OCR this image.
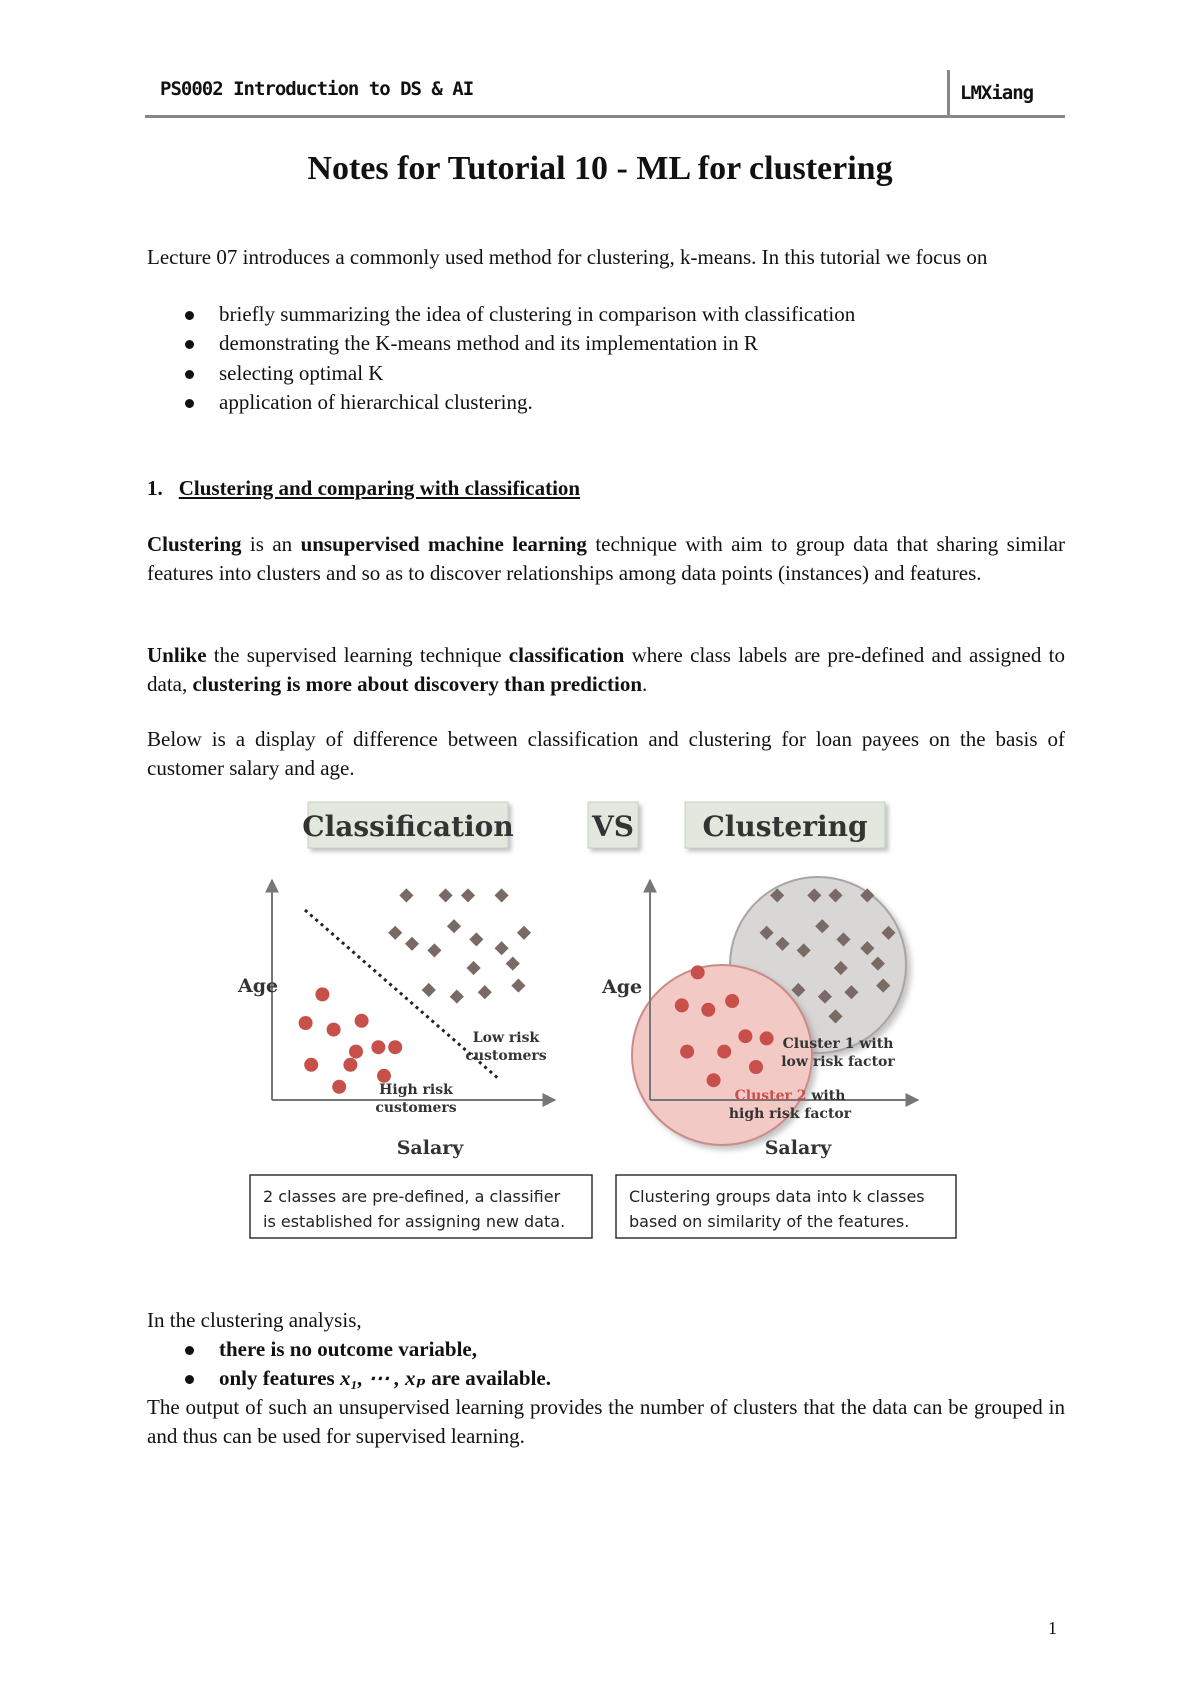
PS0002 Introduction to DS & AI	LMXiang
Notes for Tutorial 10 - ML for clustering

Lecture 07 introduces a commonly used method for clustering, k-means. In this tutorial we focus on

briefly summarizing the idea of clustering in comparison with classification
demonstrating the K-means method and its implementation in R
selecting optimal K
application of hierarchical clustering.
1. Clustering and comparing with classification

Clustering is an unsupervised machine learning technique with aim to group data that sharing similar features into clusters and so as to discover relationships among data points (instances) and features.

Unlike the supervised learning technique classification where class labels are pre-defined and assigned to data, clustering is more about discovery than prediction.

Below is a display of difference between classification and clustering for loan payees on the basis of customer salary and age.

Classification	VS Clustering
Age
Salary
Age
Salary
Low risk
customers
High risk
customers
Cluster 1 with
low risk factor
Cluster 2 with
high risk factor
2 classes are pre-defined, a classifier
is established for assigning new data.
Clustering groups data into k classes
based on similarity of the features.

In the clustering analysis,

there is no outcome variable,
only features x₁, ⋯ , xₚ are available.

The output of such an unsupervised learning provides the number of clusters that the data can be grouped in and thus can be used for supervised learning.

1
